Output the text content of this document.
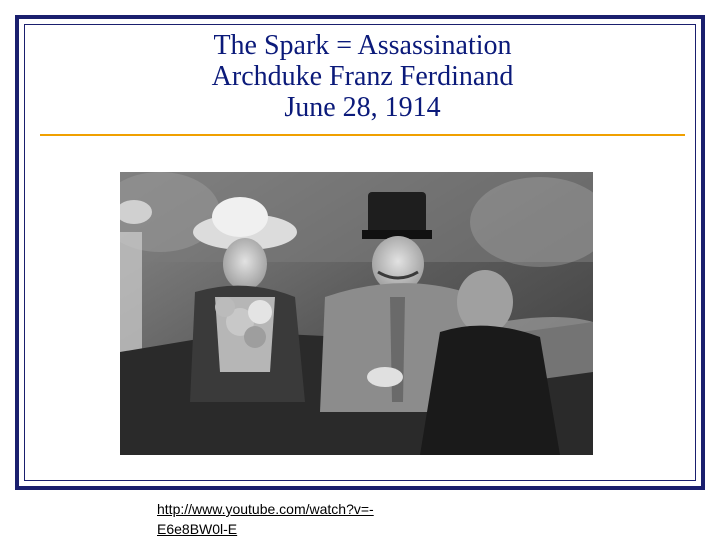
The Spark = Assassination
Archduke Franz Ferdinand
June 28, 1914
http://www.youtube.com/watch?v=-
E6e8BW0l-E
